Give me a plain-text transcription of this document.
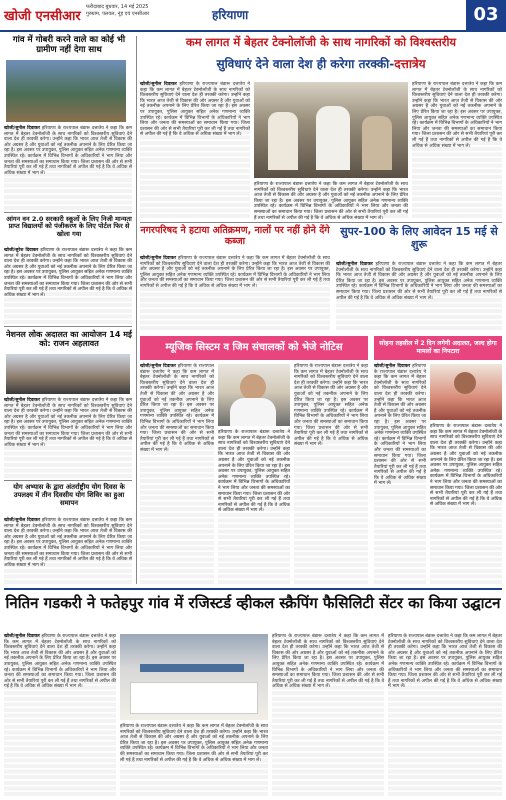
खोजी एनसीआर
फरीदाबाद बुधवार, 14 मई 2025
गुरुग्राम, पलवल, नूंह एवं एनसीआर	हरियाणा	03
गांव में गोबरी करने वाले का कोई भी ग्रामीण नहीं देगा साथ
खोजी/सुनील दिवाकर हरियाणा के राज्यपाल बंडारू दत्तात्रेय ने कहा कि कम लागत में बेहतर टेक्नोलॉजी के साथ नागरिकों को विश्वस्तरीय सुविधाएं देने वाला देश ही तरक्की करेगा। उन्होंने कहा कि भारत आज तेजी से विकास की ओर अग्रसर है और युवाओं को नई तकनीक अपनाने के लिए प्रेरित किया जा रहा है। इस अवसर पर उपायुक्त, पुलिस आयुक्त सहित अनेक गणमान्य व्यक्ति उपस्थित रहे। कार्यक्रम में विभिन्न विभागों के अधिकारियों ने भाग लिया और जनता की समस्याओं का समाधान किया गया। जिला प्रशासन की ओर से सभी तैयारियां पूरी कर ली गई हैं तथा नागरिकों से अपील की गई है कि वे अधिक से अधिक संख्या में भाग लें।
आंगन वन 2.0 सरकारी स्कूलों के लिए निजी मान्यता प्राप्त विद्यालयों को पंजीकरण के लिए पोर्टल फिर से खोला गया
खोजी/सुरेश दिवाकर हरियाणा के राज्यपाल बंडारू दत्तात्रेय ने कहा कि कम लागत में बेहतर टेक्नोलॉजी के साथ नागरिकों को विश्वस्तरीय सुविधाएं देने वाला देश ही तरक्की करेगा। उन्होंने कहा कि भारत आज तेजी से विकास की ओर अग्रसर है और युवाओं को नई तकनीक अपनाने के लिए प्रेरित किया जा रहा है। इस अवसर पर उपायुक्त, पुलिस आयुक्त सहित अनेक गणमान्य व्यक्ति उपस्थित रहे। कार्यक्रम में विभिन्न विभागों के अधिकारियों ने भाग लिया और जनता की समस्याओं का समाधान किया गया। जिला प्रशासन की ओर से सभी तैयारियां पूरी कर ली गई हैं तथा नागरिकों से अपील की गई है कि वे अधिक से अधिक संख्या में भाग लें।
नेशनल लोक अदालत का आयोजन 14 मई को: राजन अहलावत
खोजी/सुनील दिवाकर हरियाणा के राज्यपाल बंडारू दत्तात्रेय ने कहा कि कम लागत में बेहतर टेक्नोलॉजी के साथ नागरिकों को विश्वस्तरीय सुविधाएं देने वाला देश ही तरक्की करेगा। उन्होंने कहा कि भारत आज तेजी से विकास की ओर अग्रसर है और युवाओं को नई तकनीक अपनाने के लिए प्रेरित किया जा रहा है। इस अवसर पर उपायुक्त, पुलिस आयुक्त सहित अनेक गणमान्य व्यक्ति उपस्थित रहे। कार्यक्रम में विभिन्न विभागों के अधिकारियों ने भाग लिया और जनता की समस्याओं का समाधान किया गया। जिला प्रशासन की ओर से सभी तैयारियां पूरी कर ली गई हैं तथा नागरिकों से अपील की गई है कि वे अधिक से अधिक संख्या में भाग लें।
योग अभ्यास के द्वारा अंतर्राष्ट्रीय योग दिवस के उपलक्ष्य में तीन दिवसीय योग शिविर का हुआ समापन
खोजी/सुनील दिवाकर हरियाणा के राज्यपाल बंडारू दत्तात्रेय ने कहा कि कम लागत में बेहतर टेक्नोलॉजी के साथ नागरिकों को विश्वस्तरीय सुविधाएं देने वाला देश ही तरक्की करेगा। उन्होंने कहा कि भारत आज तेजी से विकास की ओर अग्रसर है और युवाओं को नई तकनीक अपनाने के लिए प्रेरित किया जा रहा है। इस अवसर पर उपायुक्त, पुलिस आयुक्त सहित अनेक गणमान्य व्यक्ति उपस्थित रहे। कार्यक्रम में विभिन्न विभागों के अधिकारियों ने भाग लिया और जनता की समस्याओं का समाधान किया गया। जिला प्रशासन की ओर से सभी तैयारियां पूरी कर ली गई हैं तथा नागरिकों से अपील की गई है कि वे अधिक से अधिक संख्या में भाग लें।
कम लागत में बेहतर टेक्नोलॉजी के साथ नागरिकों को विश्वस्तरीय
सुविधाएं देने वाला देश ही करेगा तरक्की-दत्तात्रेय
खोजी/सुनील दिवाकर हरियाणा के राज्यपाल बंडारू दत्तात्रेय ने कहा कि कम लागत में बेहतर टेक्नोलॉजी के साथ नागरिकों को विश्वस्तरीय सुविधाएं देने वाला देश ही तरक्की करेगा। उन्होंने कहा कि भारत आज तेजी से विकास की ओर अग्रसर है और युवाओं को नई तकनीक अपनाने के लिए प्रेरित किया जा रहा है। इस अवसर पर उपायुक्त, पुलिस आयुक्त सहित अनेक गणमान्य व्यक्ति उपस्थित रहे। कार्यक्रम में विभिन्न विभागों के अधिकारियों ने भाग लिया और जनता की समस्याओं का समाधान किया गया। जिला प्रशासन की ओर से सभी तैयारियां पूरी कर ली गई हैं तथा नागरिकों से अपील की गई है कि वे अधिक से अधिक संख्या में भाग लें।
हरियाणा के राज्यपाल बंडारू दत्तात्रेय ने कहा कि कम लागत में बेहतर टेक्नोलॉजी के साथ नागरिकों को विश्वस्तरीय सुविधाएं देने वाला देश ही तरक्की करेगा। उन्होंने कहा कि भारत आज तेजी से विकास की ओर अग्रसर है और युवाओं को नई तकनीक अपनाने के लिए प्रेरित किया जा रहा है। इस अवसर पर उपायुक्त, पुलिस आयुक्त सहित अनेक गणमान्य व्यक्ति उपस्थित रहे। कार्यक्रम में विभिन्न विभागों के अधिकारियों ने भाग लिया और जनता की समस्याओं का समाधान किया गया। जिला प्रशासन की ओर से सभी तैयारियां पूरी कर ली गई हैं तथा नागरिकों से अपील की गई है कि वे अधिक से अधिक संख्या में भाग लें।
हरियाणा के राज्यपाल बंडारू दत्तात्रेय ने कहा कि कम लागत में बेहतर टेक्नोलॉजी के साथ नागरिकों को विश्वस्तरीय सुविधाएं देने वाला देश ही तरक्की करेगा। उन्होंने कहा कि भारत आज तेजी से विकास की ओर अग्रसर है और युवाओं को नई तकनीक अपनाने के लिए प्रेरित किया जा रहा है। इस अवसर पर उपायुक्त, पुलिस आयुक्त सहित अनेक गणमान्य व्यक्ति उपस्थित रहे। कार्यक्रम में विभिन्न विभागों के अधिकारियों ने भाग लिया और जनता की समस्याओं का समाधान किया गया। जिला प्रशासन की ओर से सभी तैयारियां पूरी कर ली गई हैं तथा नागरिकों से अपील की गई है कि वे अधिक से अधिक संख्या में भाग लें।
नगरपरिषद ने हटाया अतिक्रमण, नालों पर नहीं होने देंगे कब्जा
खोजी/सुनील दिवाकर हरियाणा के राज्यपाल बंडारू दत्तात्रेय ने कहा कि कम लागत में बेहतर टेक्नोलॉजी के साथ नागरिकों को विश्वस्तरीय सुविधाएं देने वाला देश ही तरक्की करेगा। उन्होंने कहा कि भारत आज तेजी से विकास की ओर अग्रसर है और युवाओं को नई तकनीक अपनाने के लिए प्रेरित किया जा रहा है। इस अवसर पर उपायुक्त, पुलिस आयुक्त सहित अनेक गणमान्य व्यक्ति उपस्थित रहे। कार्यक्रम में विभिन्न विभागों के अधिकारियों ने भाग लिया और जनता की समस्याओं का समाधान किया गया। जिला प्रशासन की ओर से सभी तैयारियां पूरी कर ली गई हैं तथा नागरिकों से अपील की गई है कि वे अधिक से अधिक संख्या में भाग लें।
सुपर-100 के लिए आवेदन 15 मई से शुरू
खोजी/सुनील दिवाकर हरियाणा के राज्यपाल बंडारू दत्तात्रेय ने कहा कि कम लागत में बेहतर टेक्नोलॉजी के साथ नागरिकों को विश्वस्तरीय सुविधाएं देने वाला देश ही तरक्की करेगा। उन्होंने कहा कि भारत आज तेजी से विकास की ओर अग्रसर है और युवाओं को नई तकनीक अपनाने के लिए प्रेरित किया जा रहा है। इस अवसर पर उपायुक्त, पुलिस आयुक्त सहित अनेक गणमान्य व्यक्ति उपस्थित रहे। कार्यक्रम में विभिन्न विभागों के अधिकारियों ने भाग लिया और जनता की समस्याओं का समाधान किया गया। जिला प्रशासन की ओर से सभी तैयारियां पूरी कर ली गई हैं तथा नागरिकों से अपील की गई है कि वे अधिक से अधिक संख्या में भाग लें।
म्यूजिक सिस्टम व जिम संचालकों को भेजे नोटिस
खोजी/सुनील दिवाकर हरियाणा के राज्यपाल बंडारू दत्तात्रेय ने कहा कि कम लागत में बेहतर टेक्नोलॉजी के साथ नागरिकों को विश्वस्तरीय सुविधाएं देने वाला देश ही तरक्की करेगा। उन्होंने कहा कि भारत आज तेजी से विकास की ओर अग्रसर है और युवाओं को नई तकनीक अपनाने के लिए प्रेरित किया जा रहा है। इस अवसर पर उपायुक्त, पुलिस आयुक्त सहित अनेक गणमान्य व्यक्ति उपस्थित रहे। कार्यक्रम में विभिन्न विभागों के अधिकारियों ने भाग लिया और जनता की समस्याओं का समाधान किया गया। जिला प्रशासन की ओर से सभी तैयारियां पूरी कर ली गई हैं तथा नागरिकों से अपील की गई है कि वे अधिक से अधिक संख्या में भाग लें।
हरियाणा के राज्यपाल बंडारू दत्तात्रेय ने कहा कि कम लागत में बेहतर टेक्नोलॉजी के साथ नागरिकों को विश्वस्तरीय सुविधाएं देने वाला देश ही तरक्की करेगा। उन्होंने कहा कि भारत आज तेजी से विकास की ओर अग्रसर है और युवाओं को नई तकनीक अपनाने के लिए प्रेरित किया जा रहा है। इस अवसर पर उपायुक्त, पुलिस आयुक्त सहित अनेक गणमान्य व्यक्ति उपस्थित रहे। कार्यक्रम में विभिन्न विभागों के अधिकारियों ने भाग लिया और जनता की समस्याओं का समाधान किया गया। जिला प्रशासन की ओर से सभी तैयारियां पूरी कर ली गई हैं तथा नागरिकों से अपील की गई है कि वे अधिक से अधिक संख्या में भाग लें।
हरियाणा के राज्यपाल बंडारू दत्तात्रेय ने कहा कि कम लागत में बेहतर टेक्नोलॉजी के साथ नागरिकों को विश्वस्तरीय सुविधाएं देने वाला देश ही तरक्की करेगा। उन्होंने कहा कि भारत आज तेजी से विकास की ओर अग्रसर है और युवाओं को नई तकनीक अपनाने के लिए प्रेरित किया जा रहा है। इस अवसर पर उपायुक्त, पुलिस आयुक्त सहित अनेक गणमान्य व्यक्ति उपस्थित रहे। कार्यक्रम में विभिन्न विभागों के अधिकारियों ने भाग लिया और जनता की समस्याओं का समाधान किया गया। जिला प्रशासन की ओर से सभी तैयारियां पूरी कर ली गई हैं तथा नागरिकों से अपील की गई है कि वे अधिक से अधिक संख्या में भाग लें।
सोहना तहसील में 2 दिन लगेगी अदालत, जल्द होगा मामलों का निपटारा
खोजी/सुनील दिवाकर हरियाणा के राज्यपाल बंडारू दत्तात्रेय ने कहा कि कम लागत में बेहतर टेक्नोलॉजी के साथ नागरिकों को विश्वस्तरीय सुविधाएं देने वाला देश ही तरक्की करेगा। उन्होंने कहा कि भारत आज तेजी से विकास की ओर अग्रसर है और युवाओं को नई तकनीक अपनाने के लिए प्रेरित किया जा रहा है। इस अवसर पर उपायुक्त, पुलिस आयुक्त सहित अनेक गणमान्य व्यक्ति उपस्थित रहे। कार्यक्रम में विभिन्न विभागों के अधिकारियों ने भाग लिया और जनता की समस्याओं का समाधान किया गया। जिला प्रशासन की ओर से सभी तैयारियां पूरी कर ली गई हैं तथा नागरिकों से अपील की गई है कि वे अधिक से अधिक संख्या में भाग लें।
हरियाणा के राज्यपाल बंडारू दत्तात्रेय ने कहा कि कम लागत में बेहतर टेक्नोलॉजी के साथ नागरिकों को विश्वस्तरीय सुविधाएं देने वाला देश ही तरक्की करेगा। उन्होंने कहा कि भारत आज तेजी से विकास की ओर अग्रसर है और युवाओं को नई तकनीक अपनाने के लिए प्रेरित किया जा रहा है। इस अवसर पर उपायुक्त, पुलिस आयुक्त सहित अनेक गणमान्य व्यक्ति उपस्थित रहे। कार्यक्रम में विभिन्न विभागों के अधिकारियों ने भाग लिया और जनता की समस्याओं का समाधान किया गया। जिला प्रशासन की ओर से सभी तैयारियां पूरी कर ली गई हैं तथा नागरिकों से अपील की गई है कि वे अधिक से अधिक संख्या में भाग लें।
नितिन गडकरी ने फतेहपुर गांव में रजिस्टर्ड व्हीकल स्क्रैपिंग फैसिलिटी सेंटर का किया उद्घाटन
खोजी/सुनील दिवाकर हरियाणा के राज्यपाल बंडारू दत्तात्रेय ने कहा कि कम लागत में बेहतर टेक्नोलॉजी के साथ नागरिकों को विश्वस्तरीय सुविधाएं देने वाला देश ही तरक्की करेगा। उन्होंने कहा कि भारत आज तेजी से विकास की ओर अग्रसर है और युवाओं को नई तकनीक अपनाने के लिए प्रेरित किया जा रहा है। इस अवसर पर उपायुक्त, पुलिस आयुक्त सहित अनेक गणमान्य व्यक्ति उपस्थित रहे। कार्यक्रम में विभिन्न विभागों के अधिकारियों ने भाग लिया और जनता की समस्याओं का समाधान किया गया। जिला प्रशासन की ओर से सभी तैयारियां पूरी कर ली गई हैं तथा नागरिकों से अपील की गई है कि वे अधिक से अधिक संख्या में भाग लें।
हरियाणा के राज्यपाल बंडारू दत्तात्रेय ने कहा कि कम लागत में बेहतर टेक्नोलॉजी के साथ नागरिकों को विश्वस्तरीय सुविधाएं देने वाला देश ही तरक्की करेगा। उन्होंने कहा कि भारत आज तेजी से विकास की ओर अग्रसर है और युवाओं को नई तकनीक अपनाने के लिए प्रेरित किया जा रहा है। इस अवसर पर उपायुक्त, पुलिस आयुक्त सहित अनेक गणमान्य व्यक्ति उपस्थित रहे। कार्यक्रम में विभिन्न विभागों के अधिकारियों ने भाग लिया और जनता की समस्याओं का समाधान किया गया। जिला प्रशासन की ओर से सभी तैयारियां पूरी कर ली गई हैं तथा नागरिकों से अपील की गई है कि वे अधिक से अधिक संख्या में भाग लें।
हरियाणा के राज्यपाल बंडारू दत्तात्रेय ने कहा कि कम लागत में बेहतर टेक्नोलॉजी के साथ नागरिकों को विश्वस्तरीय सुविधाएं देने वाला देश ही तरक्की करेगा। उन्होंने कहा कि भारत आज तेजी से विकास की ओर अग्रसर है और युवाओं को नई तकनीक अपनाने के लिए प्रेरित किया जा रहा है। इस अवसर पर उपायुक्त, पुलिस आयुक्त सहित अनेक गणमान्य व्यक्ति उपस्थित रहे। कार्यक्रम में विभिन्न विभागों के अधिकारियों ने भाग लिया और जनता की समस्याओं का समाधान किया गया। जिला प्रशासन की ओर से सभी तैयारियां पूरी कर ली गई हैं तथा नागरिकों से अपील की गई है कि वे अधिक से अधिक संख्या में भाग लें।
हरियाणा के राज्यपाल बंडारू दत्तात्रेय ने कहा कि कम लागत में बेहतर टेक्नोलॉजी के साथ नागरिकों को विश्वस्तरीय सुविधाएं देने वाला देश ही तरक्की करेगा। उन्होंने कहा कि भारत आज तेजी से विकास की ओर अग्रसर है और युवाओं को नई तकनीक अपनाने के लिए प्रेरित किया जा रहा है। इस अवसर पर उपायुक्त, पुलिस आयुक्त सहित अनेक गणमान्य व्यक्ति उपस्थित रहे। कार्यक्रम में विभिन्न विभागों के अधिकारियों ने भाग लिया और जनता की समस्याओं का समाधान किया गया। जिला प्रशासन की ओर से सभी तैयारियां पूरी कर ली गई हैं तथा नागरिकों से अपील की गई है कि वे अधिक से अधिक संख्या में भाग लें।
